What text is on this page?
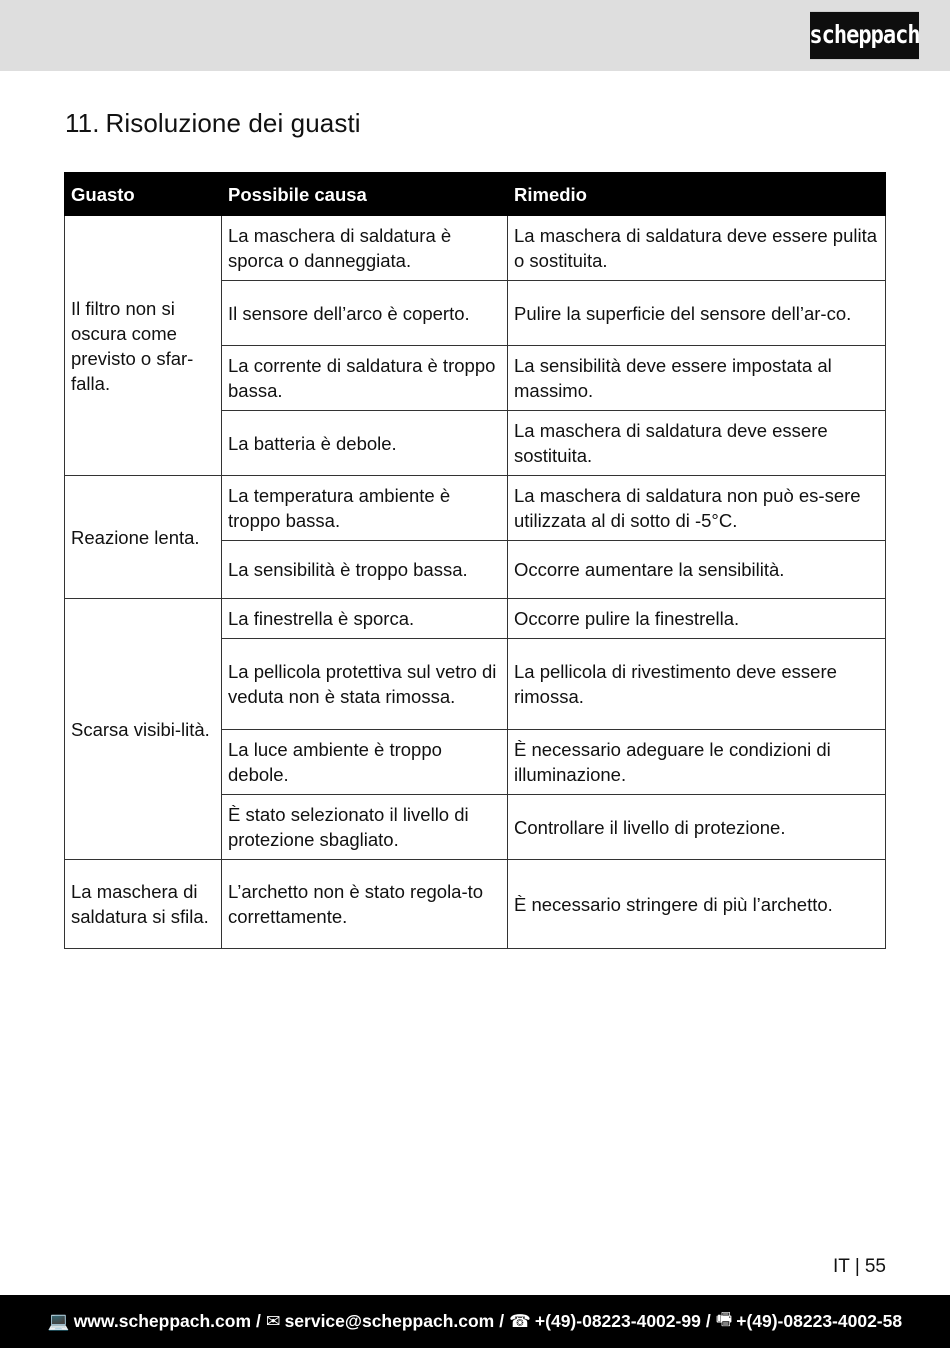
scheppach
11. Risoluzione dei guasti
Guasto	Possibile causa	Rimedio
Il filtro non si oscura come previsto o sfar-falla.	La maschera di saldatura è sporca o danneggiata.	La maschera di saldatura deve essere pulita o sostituita.
	Il sensore dell’arco è coperto.	Pulire la superficie del sensore dell’ar-co.
	La corrente di saldatura è troppo bassa.	La sensibilità deve essere impostata al massimo.
	La batteria è debole.	La maschera di saldatura deve essere sostituita.
Reazione lenta.	La temperatura ambiente è troppo bassa.	La maschera di saldatura non può es-sere utilizzata al di sotto di -5°C.
	La sensibilità è troppo bassa.	Occorre aumentare la sensibilità.
Scarsa visibi-lità.	La finestrella è sporca.	Occorre pulire la finestrella.
	La pellicola protettiva sul vetro di veduta non è stata rimossa.	La pellicola di rivestimento deve essere rimossa.
	La luce ambiente è troppo debole.	È necessario adeguare le condizioni di illuminazione.
	È stato selezionato il livello di protezione sbagliato.	Controllare il livello di protezione.
La maschera di saldatura si sfila.	L’archetto non è stato regola-to correttamente.	È necessario stringere di più l’archetto.
IT | 55
💻 www.scheppach.com / ✉ service@scheppach.com / ☎ +(49)-08223-4002-99 / 🖷 +(49)-08223-4002-58
